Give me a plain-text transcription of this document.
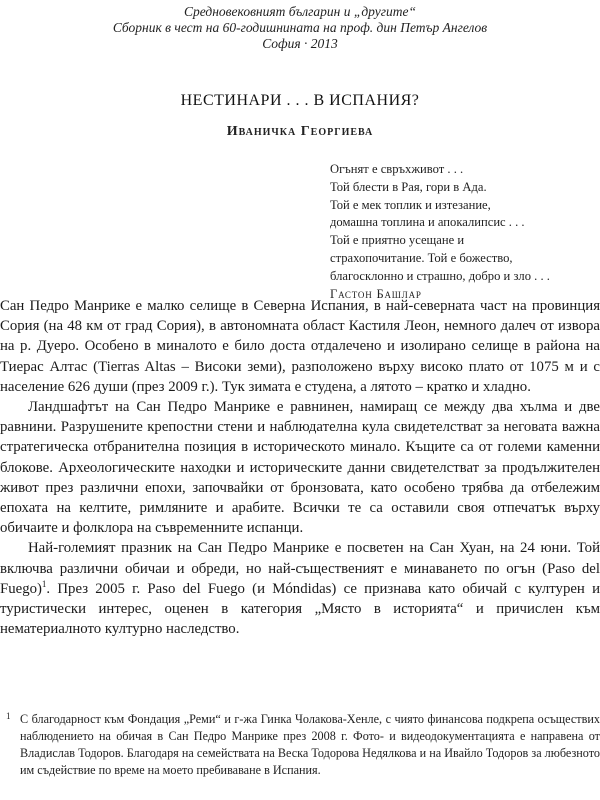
Средновековният българин и „другите“
Сборник в чест на 60-годишнината на проф. дин Петър Ангелов
София · 2013
НЕСТИНАРИ . . . В ИСПАНИЯ?
Иваничка Георгиева
Огънят е свръхживот . . .
Той блести в Рая, гори в Ада.
Той е мек топлик и изтезание,
домашна топлина и апокалипсис . . .
Той е приятно усещане и
страхопочитание. Той е божество,
благосклонно и страшно, добро и зло . . .
Гастон Башлар

Сан Педро Манрике е малко селище в Северна Испания, в най-северната част на провинция Сория (на 48 км от град Сория), в автономната област Кастиля Леон, немного далеч от извора на р. Дуеро. Особено в миналото е било доста отдалечено и изолирано селище в района на Тиерас Алтас (Tierras Altas – Високи земи), разположено върху високо плато от 1075 м и с население 626 души (през 2009 г.). Тук зимата е студена, а лятото – кратко и хладно.

Ландшафтът на Сан Педро Манрике е равнинен, намиращ се между два хълма и две равнини. Разрушените крепостни стени и наблюдателна кула свидетелстват за неговата важна стратегическа отбранителна позиция в историческото минало. Къщите са от големи каменни блокове. Археологическите находки и историческите данни свидетелстват за продължителен живот през различни епохи, започвайки от бронзовата, като особено трябва да отбележим епохата на келтите, римляните и арабите. Всички те са оставили своя отпечатък върху обичаите и фолклора на съвременните испанци.

Най-големият празник на Сан Педро Манрике е посветен на Сан Хуан, на 24 юни. Той включва различни обичаи и обреди, но най-същественият е минаването по огън (Paso del Fuego)$^1$. През 2005 г. Paso del Fuego (и Móndidas) се признава като обичай с културен и туристически интерес, оценен в категория „Място в историята“ и причислен към нематериалното културно наследство.

1 С благодарност към Фондация „Реми“ и г-жа Гинка Чолакова-Хенле, с чиято финансова подкрепа осъществих наблюдението на обичая в Сан Педро Манрике през 2008 г. Фото- и видеодокументацията е направена от Владислав Тодоров. Благодаря на семействата на Веска Тодорова Недялкова и на Ивайло Тодоров за любезното им съдействие по време на моето пребиваване в Испания.
